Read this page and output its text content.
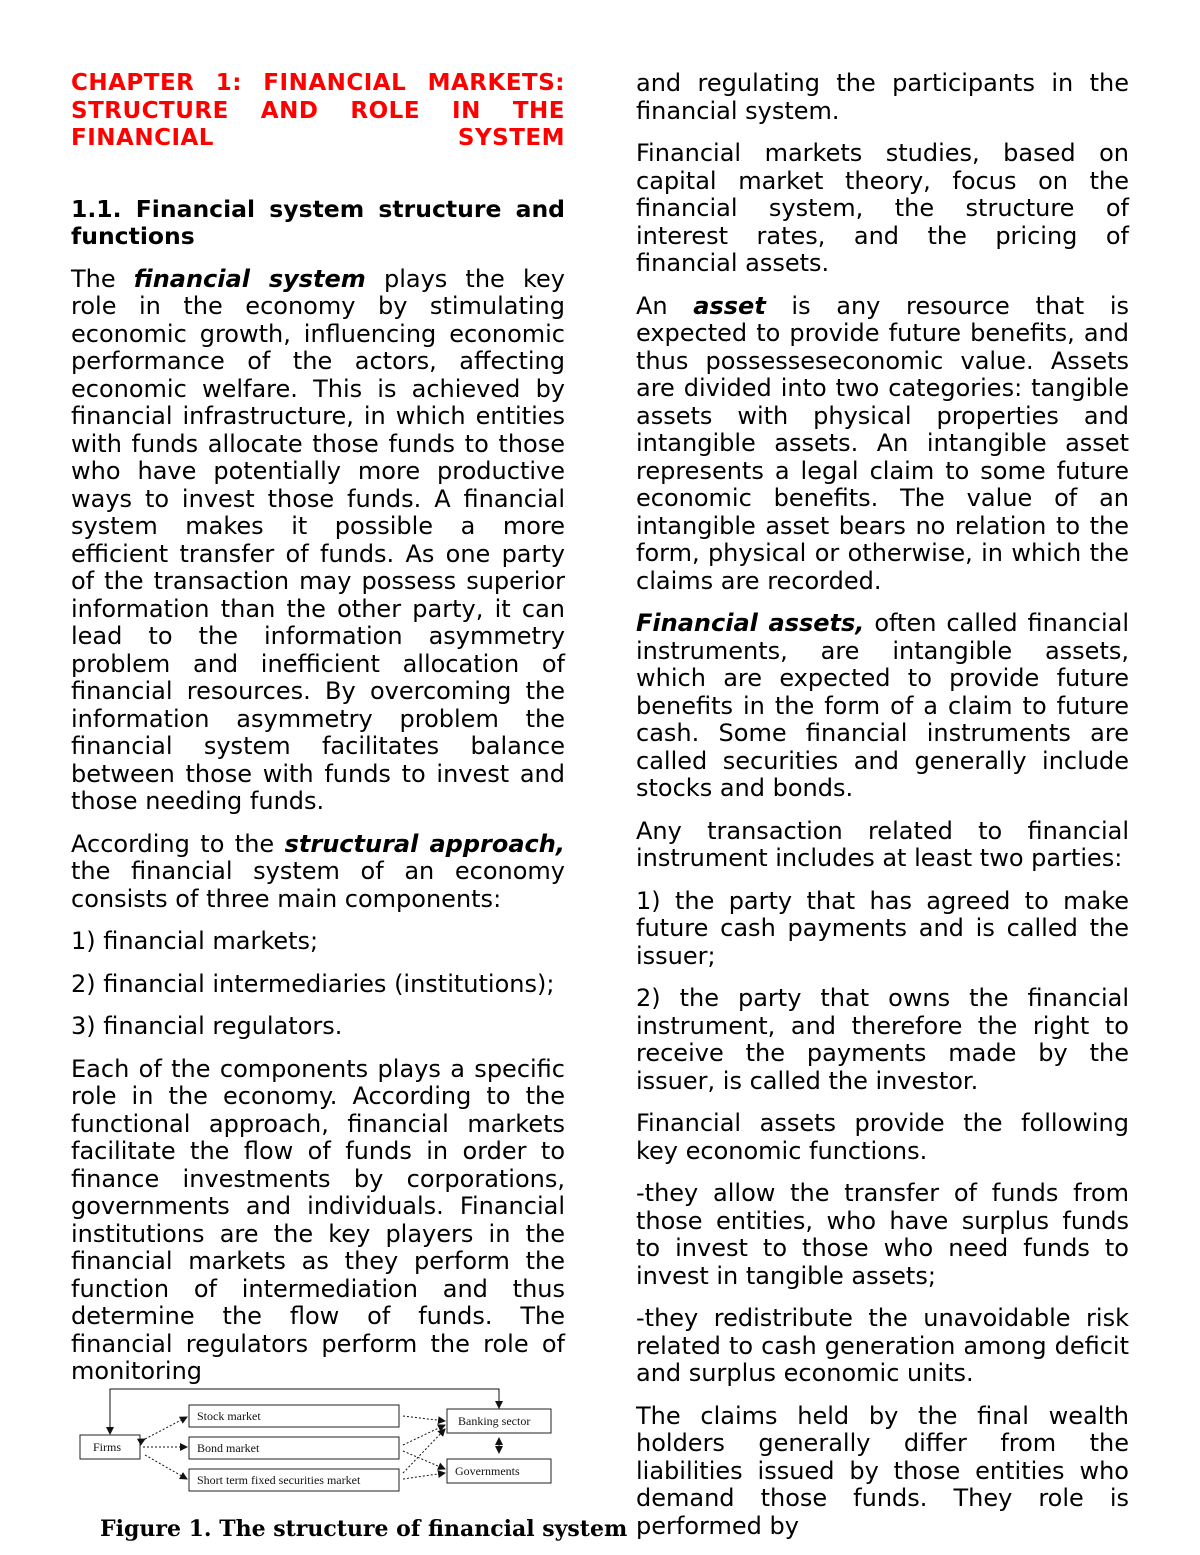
CHAPTER 1: FINANCIAL MARKETS:
STRUCTURE AND ROLE IN THE
FINANCIAL SYSTEM
1.1. Financial system structure and functions

The financial system plays the key role in the economy by stimulating economic growth, influencing economic performance of the actors, affecting economic welfare. This is achieved by financial infrastructure, in which entities with funds allocate those funds to those who have potentially more productive ways to invest those funds. A financial system makes it possible a more efficient transfer of funds. As one party of the transaction may possess superior information than the other party, it can lead to the information asymmetry problem and inefficient allocation of financial resources. By overcoming the information asymmetry problem the financial system facilitates balance between those with funds to invest and those needing funds.

According to the structural approach, the financial system of an economy consists of three main components:

1) financial markets;

2) financial intermediaries (institutions);

3) financial regulators.

Each of the components plays a specific role in the economy. According to the functional approach, financial markets facilitate the flow of funds in order to finance investments by corporations, governments and individuals. Financial institutions are the key players in the financial markets as they perform the function of intermediation and thus determine the flow of funds. The financial regulators perform the role of monitoring

Firms
Stock market
Bond market
Short term fixed securities market
Banking sector
Governments
Figure 1. The structure of financial system

and regulating the participants in the financial system.

Financial markets studies, based on capital market theory, focus on the financial system, the structure of interest rates, and the pricing of financial assets.

An asset is any resource that is expected to provide future benefits, and thus possesseseconomic value. Assets are divided into two categories: tangible assets with physical properties and intangible assets. An intangible asset represents a legal claim to some future economic benefits. The value of an intangible asset bears no relation to the form, physical or otherwise, in which the claims are recorded.

Financial assets, often called financial instruments, are intangible assets, which are expected to provide future benefits in the form of a claim to future cash. Some financial instruments are called securities and generally include stocks and bonds.

Any transaction related to financial instrument includes at least two parties:

1) the party that has agreed to make future cash payments and is called the issuer;

2) the party that owns the financial instrument, and therefore the right to receive the payments made by the issuer, is called the investor.

Financial assets provide the following key economic functions.

-they allow the transfer of funds from those entities, who have surplus funds to invest to those who need funds to invest in tangible assets;

-they redistribute the unavoidable risk related to cash generation among deficit and surplus economic units.

The claims held by the final wealth holders generally differ from the liabilities issued by those entities who demand those funds. They role is performed by
